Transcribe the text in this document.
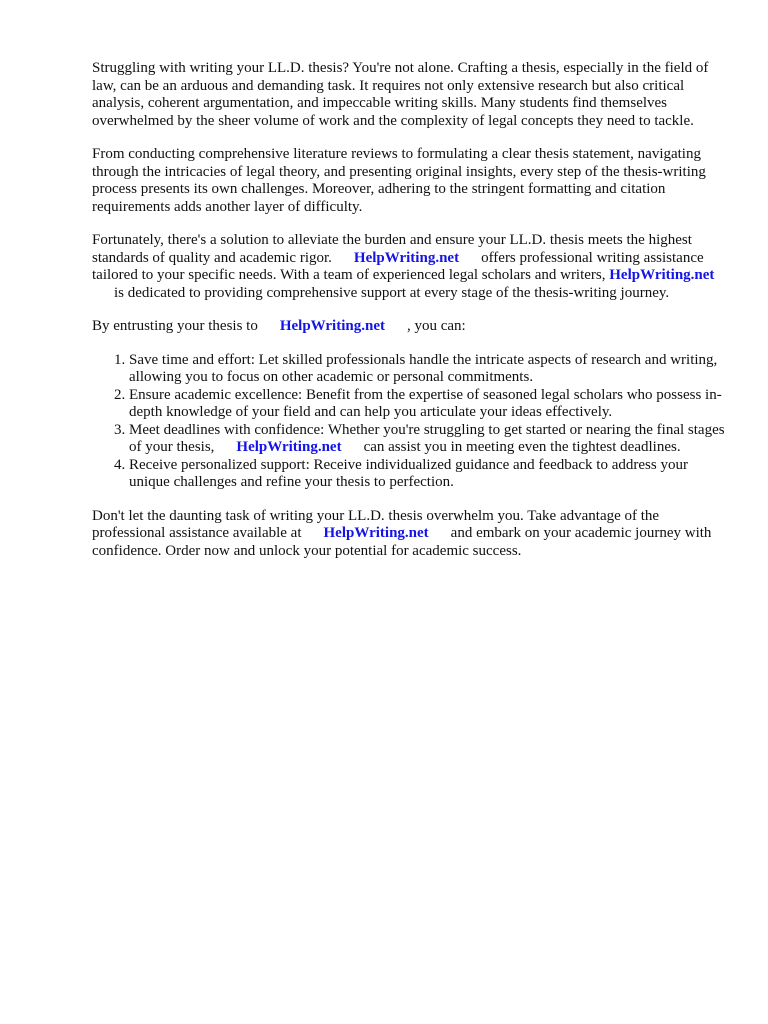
Struggling with writing your LL.D. thesis? You're not alone. Crafting a thesis, especially in the field of law, can be an arduous and demanding task. It requires not only extensive research but also critical analysis, coherent argumentation, and impeccable writing skills. Many students find themselves overwhelmed by the sheer volume of work and the complexity of legal concepts they need to tackle.

From conducting comprehensive literature reviews to formulating a clear thesis statement, navigating through the intricacies of legal theory, and presenting original insights, every step of the thesis-writing process presents its own challenges. Moreover, adhering to the stringent formatting and citation requirements adds another layer of difficulty.

Fortunately, there's a solution to alleviate the burden and ensure your LL.D. thesis meets the highest standards of quality and academic rigor. HelpWriting.net offers professional writing assistance tailored to your specific needs. With a team of experienced legal scholars and writers, HelpWriting.netis dedicated to providing comprehensive support at every stage of the thesis-writing journey.

By entrusting your thesis to HelpWriting.net , you can:

1. Save time and effort: Let skilled professionals handle the intricate aspects of research and writing, allowing you to focus on other academic or personal commitments.
2. Ensure academic excellence: Benefit from the expertise of seasoned legal scholars who possess in-depth knowledge of your field and can help you articulate your ideas effectively.
3. Meet deadlines with confidence: Whether you're struggling to get started or nearing the final stages of your thesis, HelpWriting.net can assist you in meeting even the tightest deadlines.
4. Receive personalized support: Receive individualized guidance and feedback to address your unique challenges and refine your thesis to perfection.

Don't let the daunting task of writing your LL.D. thesis overwhelm you. Take advantage of the professional assistance available at HelpWriting.net and embark on your academic journey with confidence. Order now and unlock your potential for academic success.
